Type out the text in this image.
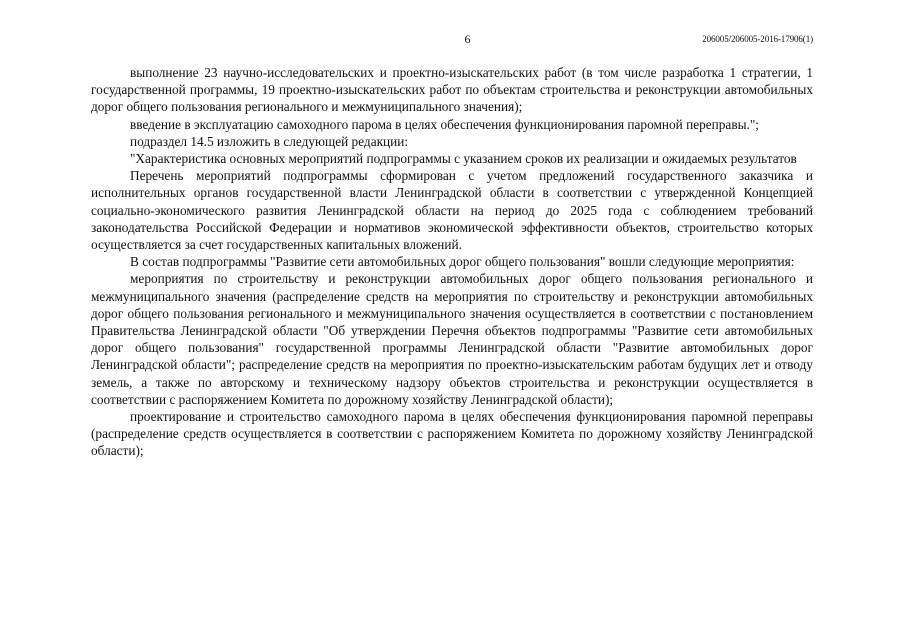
6	206005/206005-2016-17906(1)

выполнение 23 научно-исследовательских и проектно-изыскательских работ (в том числе разработка 1 стратегии, 1 государственной программы, 19 проектно-изыскательских работ по объектам строительства и реконструкции автомобильных дорог общего пользования регионального и межмуниципального значения);

введение в эксплуатацию самоходного парома в целях обеспечения функционирования паромной переправы.";

подраздел 14.5 изложить в следующей редакции:

"Характеристика основных мероприятий подпрограммы с указанием сроков их реализации и ожидаемых результатов

Перечень мероприятий подпрограммы сформирован с учетом предложений государственного заказчика и исполнительных органов государственной власти Ленинградской области в соответствии с утвержденной Концепцией социально-экономического развития Ленинградской области на период до 2025 года с соблюдением требований законодательства Российской Федерации и нормативов экономической эффективности объектов, строительство которых осуществляется за счет государственных капитальных вложений.

В состав подпрограммы "Развитие сети автомобильных дорог общего пользования" вошли следующие мероприятия:

мероприятия по строительству и реконструкции автомобильных дорог общего пользования регионального и межмуниципального значения (распределение средств на мероприятия по строительству и реконструкции автомобильных дорог общего пользования регионального и межмуниципального значения осуществляется в соответствии с постановлением Правительства Ленинградской области "Об утверждении Перечня объектов подпрограммы "Развитие сети автомобильных дорог общего пользования" государственной программы Ленинградской области "Развитие автомобильных дорог Ленинградской области"; распределение средств на мероприятия по проектно-изыскательским работам будущих лет и отводу земель, а также по авторскому и техническому надзору объектов строительства и реконструкции осуществляется в соответствии с распоряжением Комитета по дорожному хозяйству Ленинградской области);

проектирование и строительство самоходного парома в целях обеспечения функционирования паромной переправы (распределение средств осуществляется в соответствии с распоряжением Комитета по дорожному хозяйству Ленинградской области);
